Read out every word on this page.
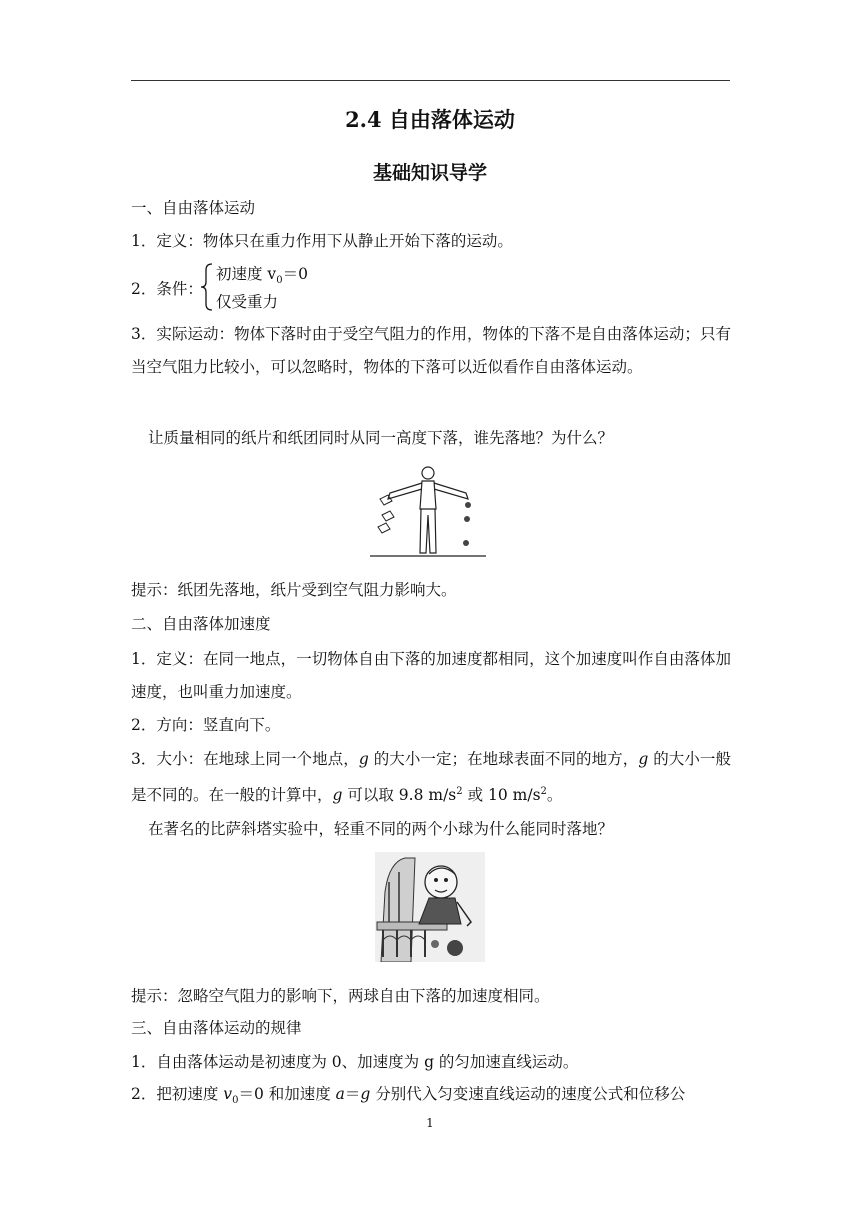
2.4 自由落体运动
基础知识导学
一、自由落体运动
1．定义：物体只在重力作用下从静止开始下落的运动。
2．条件：
初速度 $v_0=0$
仅受重力
3．实际运动：物体下落时由于受空气阻力的作用，物体的下落不是自由落体运动；只有当空气阻力比较小，可以忽略时，物体的下落可以近似看作自由落体运动。
让质量相同的纸片和纸团同时从同一高度下落，谁先落地？为什么？
提示：纸团先落地，纸片受到空气阻力影响大。
二、自由落体加速度
1．定义：在同一地点，一切物体自由下落的加速度都相同，这个加速度叫作自由落体加速度，也叫重力加速度。
2．方向：竖直向下。
3．大小：在地球上同一个地点，g 的大小一定；在地球表面不同的地方，g 的大小一般是不同的。在一般的计算中，g 可以取 9.8 $m/s^2$ 或 10 $m/s^2$。
在著名的比萨斜塔实验中，轻重不同的两个小球为什么能同时落地？
提示：忽略空气阻力的影响下，两球自由下落的加速度相同。
三、自由落体运动的规律
1．自由落体运动是初速度为 0、加速度为 g 的匀加速直线运动。
2．把初速度 $v_0=0$ 和加速度 a＝g 分别代入匀变速直线运动的速度公式和位移公
1
